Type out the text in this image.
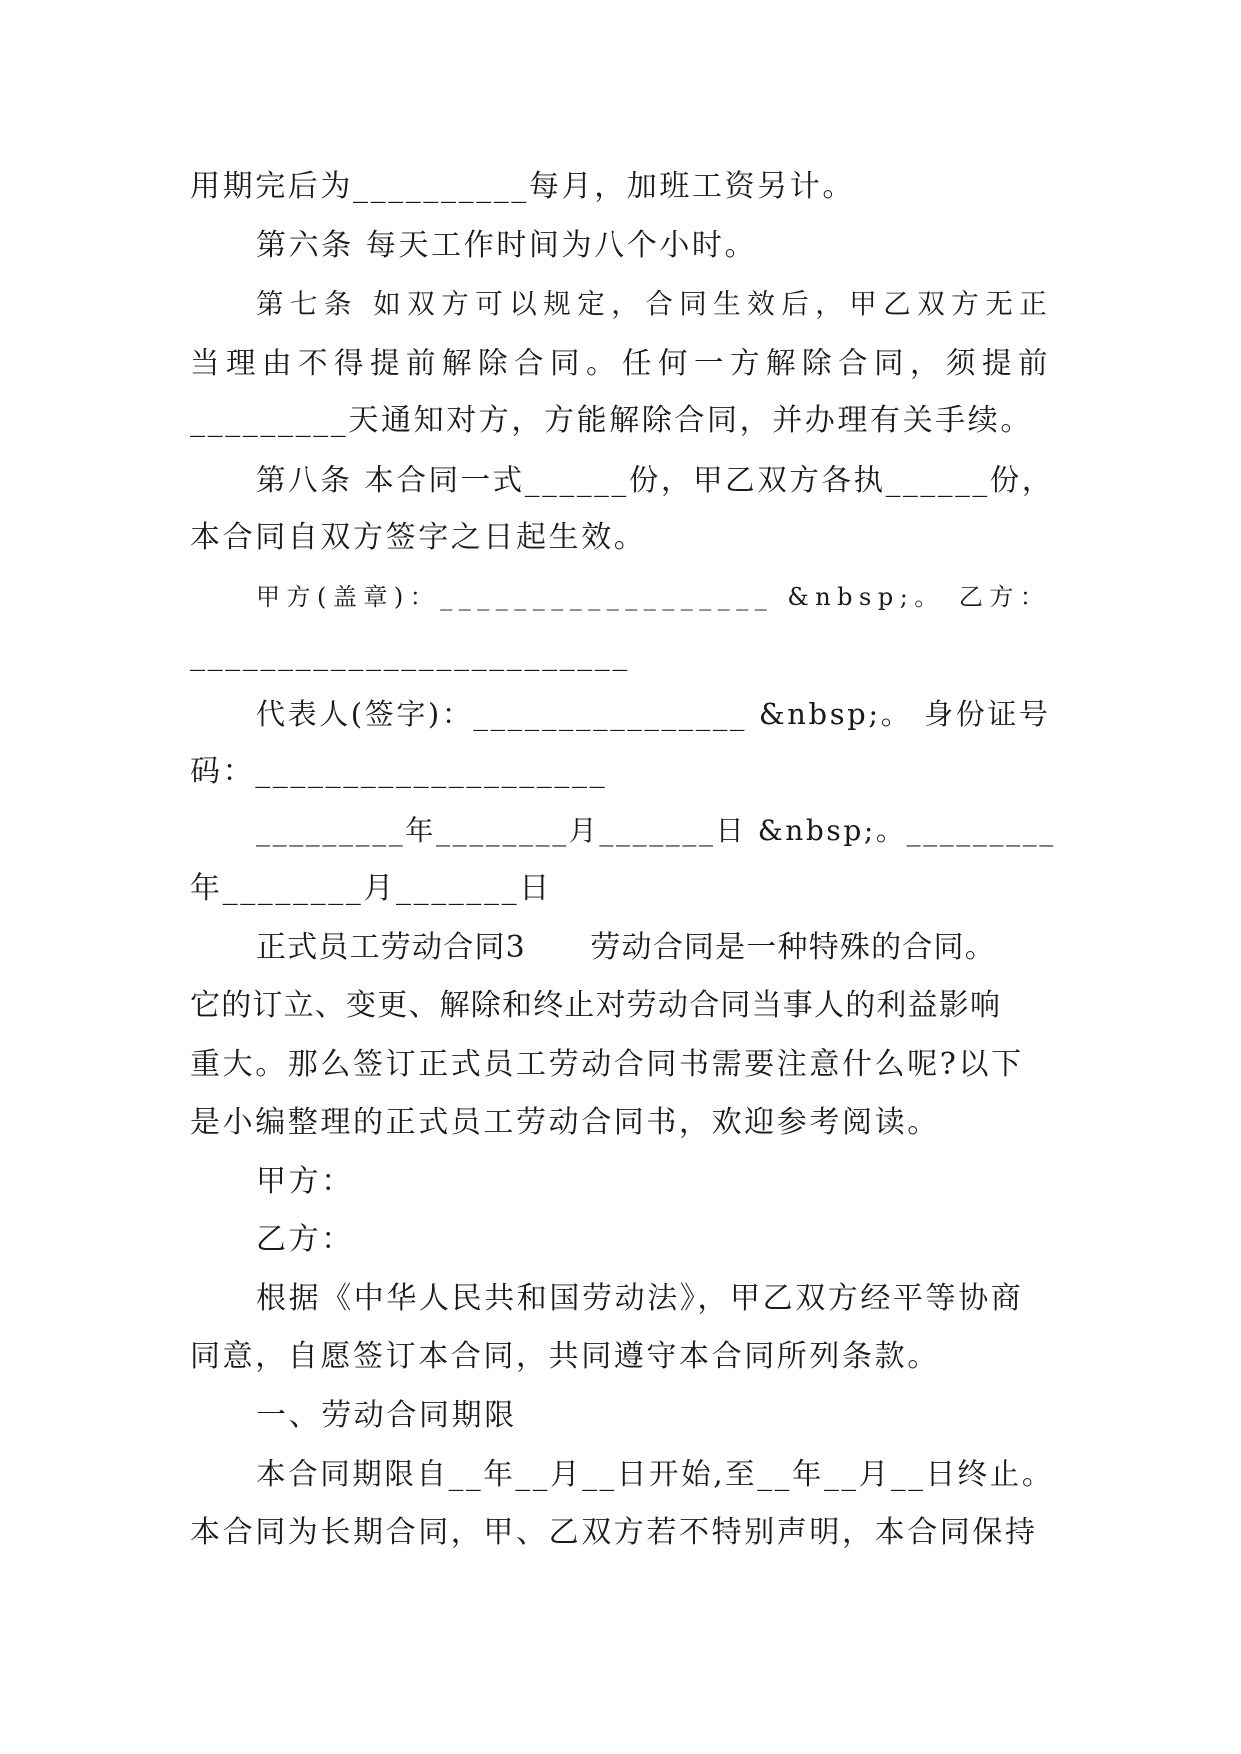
用期完后为__________每月，加班工资另计。
第六条 每天工作时间为八个小时。
第七条 如双方可以规定，合同生效后，甲乙双方无正
当理由不得提前解除合同。任何一方解除合同，须提前
_________天通知对方，方能解除合同，并办理有关手续。
第八条 本合同一式______份，甲乙双方各执______份，
本合同自双方签字之日起生效。
甲方(盖章)：__________________ &nbsp;。 乙方：
_________________________
代表人(签字)：________________ &nbsp;。 身份证号
码：____________________
_________年________月_______日 &nbsp;。_________
年________月_______日
正式员工劳动合同3      劳动合同是一种特殊的合同。
它的订立、变更、解除和终止对劳动合同当事人的利益影响
重大。那么签订正式员工劳动合同书需要注意什么呢?以下
是小编整理的正式员工劳动合同书，欢迎参考阅读。
甲方：
乙方：
根据《中华人民共和国劳动法》，甲乙双方经平等协商
同意，自愿签订本合同，共同遵守本合同所列条款。
一、劳动合同期限
本合同期限自__年__月__日开始,至__年__月__日终止。
本合同为长期合同，甲、乙双方若不特别声明，本合同保持
